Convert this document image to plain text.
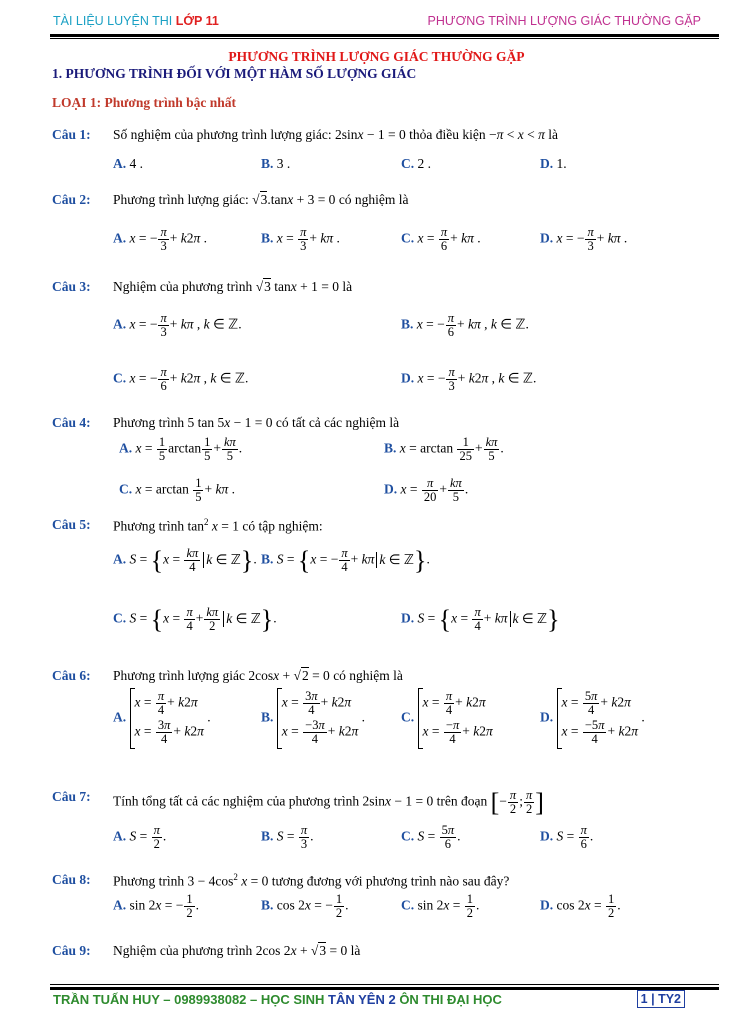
TÀI LIỆU LUYỆN THI LỚP 11	PHƯƠNG TRÌNH LƯỢNG GIÁC THƯỜNG GẶP
PHƯƠNG TRÌNH LƯỢNG GIÁC THƯỜNG GẶP
1. PHƯƠNG TRÌNH ĐỐI VỚI MỘT HÀM SỐ LƯỢNG GIÁC
LOẠI 1: Phương trình bậc nhất
Câu 1: Số nghiệm của phương trình lượng giác: 2sinx − 1 = 0 thỏa điều kiện −π < x < π là
A. 4 .	B. 3 .	C. 2 .	D. 1.
Câu 2: Phương trình lượng giác: √3.tanx + 3 = 0 có nghiệm là
A. x = − $\frac{\pi}{3} + k2\pi$ .	B. $x = \frac{\pi}{3} + k\pi$ .	C. $x = \frac{\pi}{6} + k\pi$ .	D. x = − $\frac{\pi}{3} + k\pi$ .
Câu 3: Nghiệm của phương trình √3 tanx + 1 = 0 là
A. x = − $\frac{\pi}{3} + k\pi$ , k ∈ ℤ.	B. x = − $\frac{\pi}{6} + k\pi$ , k ∈ ℤ.
C. x = − $\frac{\pi}{6} + k2\pi$ , k ∈ ℤ.	D. x = − $\frac{\pi}{3} + k2\pi$ , k ∈ ℤ.
Câu 4: Phương trình 5 tan 5x − 1 = 0 có tất cả các nghiệm là
A. $x = \frac{1}{5}$ $\arctan \frac{1}{5} + \frac{k\pi}{5}$ .	B. $x = \arctan \frac{1}{25} + \frac{k\pi}{5}$ .
C. $x = \arctan \frac{1}{5} + k\pi$ .	D. $x = \frac{\pi}{20} + \frac{k\pi}{5}$ .
Câu 5: Phương trình $\tan^2 x = 1$ có tập nghiệm:
A. $S = \{x = \frac{k\pi}{4}$ k ∈ ℤ}. B. S = {x = − $\frac{\pi}{4} + k\pi$ k ∈ ℤ}.
C. $S = \{x = \frac{\pi}{4} + \frac{k\pi}{2}$ k ∈ ℤ}.	D. $S = \{x = \frac{\pi}{4} + k\pi$ k ∈ ℤ}
Câu 6: Phương trình lượng giác 2cosx + √2 = 0 có nghiệm là
A.
$x = \frac{\pi}{4} + k2\pi$
$x = \frac{3\pi}{4} + k2\pi$
.	B.
$x = \frac{3\pi}{4} + k2\pi$
$x = \frac{-3\pi}{4} + k2\pi$
.	C.
$x = \frac{\pi}{4} + k2\pi$
$x = \frac{-\pi}{4} + k2\pi$
D.
$x = \frac{5\pi}{4} + k2\pi$
$x = \frac{-5\pi}{4} + k2\pi$
.
Câu 7: Tính tổng tất cả các nghiệm của phương trình 2sinx − 1 = 0 trên đoạn [− $\frac{\pi}{2}$ ; $\frac{\pi}{2}$ ]
A. $S = \frac{\pi}{2}$ .	B. $S = \frac{\pi}{3}$ .	C. $S = \frac{5\pi}{6}$ .	D. $S = \frac{\pi}{6}$ .
Câu 8: Phương trình $3 - 4\cos^2$ x = 0 tương đương với phương trình nào sau đây?
A. sin 2x = − $\frac{1}{2}$ .	B. cos 2x = − $\frac{1}{2}$ .	C. $\sin 2x = \frac{1}{2}$ .	D. $\cos 2x = \frac{1}{2}$ .
Câu 9: Nghiệm của phương trình 2cos 2x + √3 = 0 là
TRẦN TUẤN HUY – 0989938082 – HỌC SINH TÂN YÊN 2 ÔN THI ĐẠI HỌC	1 | TY2
